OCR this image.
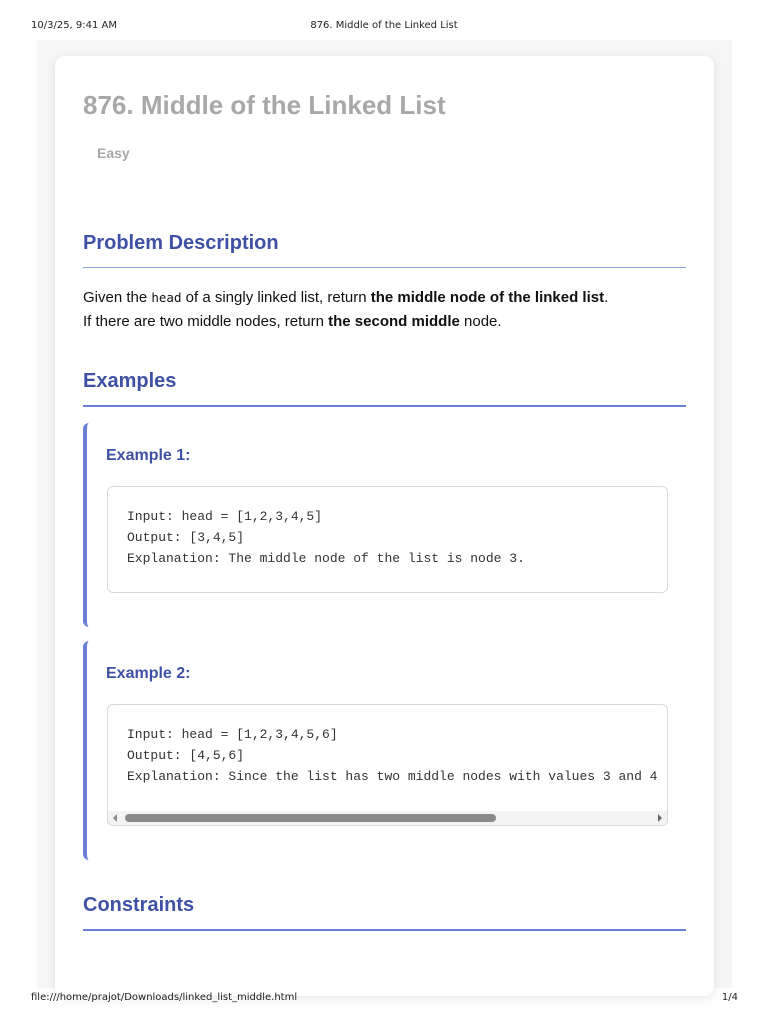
10/3/25, 9:41 AM	876. Middle of the Linked List
876. Middle of the Linked List
Easy
Problem Description
Given the head of a singly linked list, return the middle node of the linked list.
If there are two middle nodes, return the second middle node.
Examples
Example 1:
Input: head = [1,2,3,4,5]
Output: [3,4,5]
Explanation: The middle node of the list is node 3.
Example 2:
Input: head = [1,2,3,4,5,6]
Output: [4,5,6]
Explanation: Since the list has two middle nodes with values 3 and 4
Constraints
file:///home/prajot/Downloads/linked_list_middle.html	1/4
